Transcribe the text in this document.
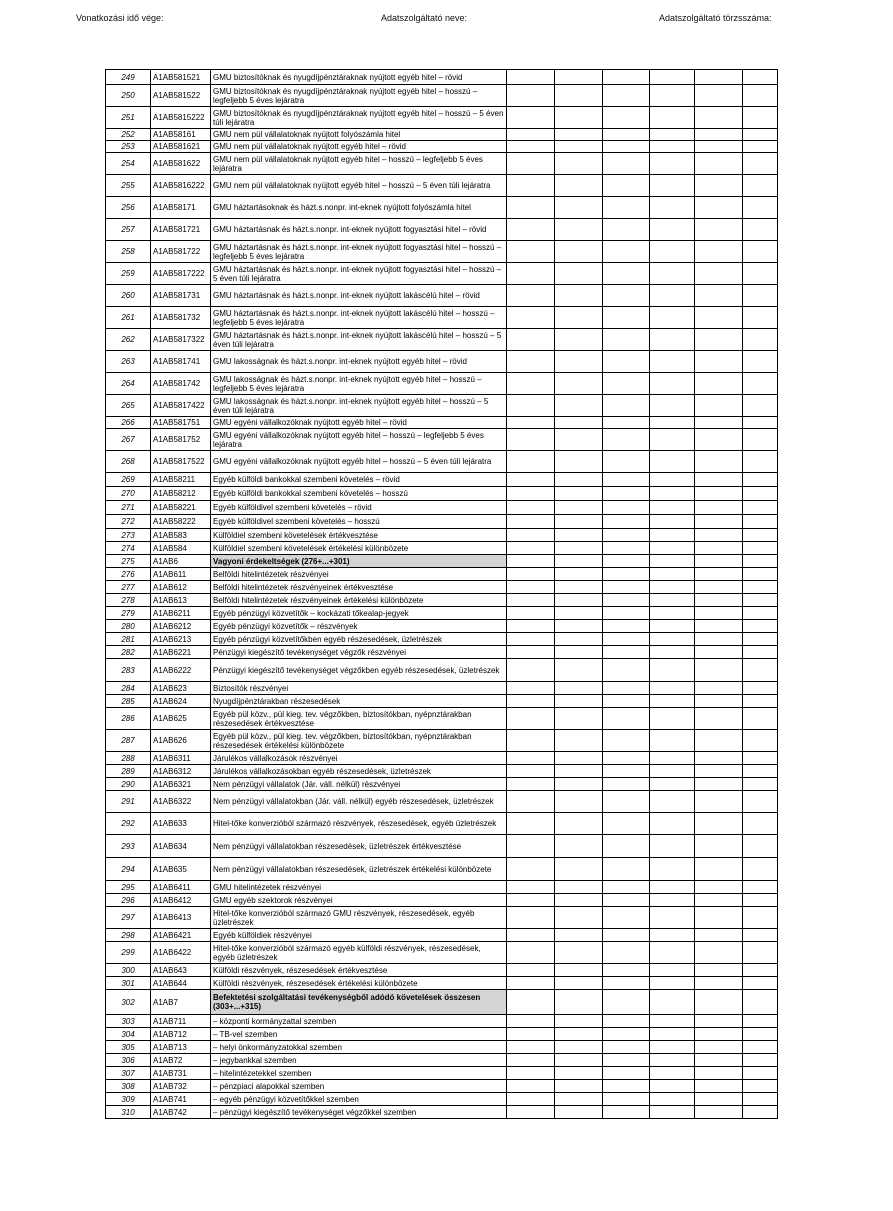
Vonatkozási idő vége:	Adatszolgáltató neve:	Adatszolgáltató törzsszáma:
249	A1AB581521	GMU biztosítóknak és nyugdíjpénztáraknak nyújtott egyéb hitel – rövid						
250	A1AB581522	GMU biztosítóknak és nyugdíjpénztáraknak nyújtott egyéb hitel – hosszú – legfeljebb 5 éves lejáratra						
251	A1AB5815222	GMU biztosítóknak és nyugdíjpénztáraknak nyújtott egyéb hitel – hosszú – 5 éven túli lejáratra						
252	A1AB58161	GMU nem pül vállalatoknak nyújtott folyószámla hitel						
253	A1AB581621	GMU nem pül vállalatoknak nyújtott egyéb hitel – rövid						
254	A1AB581622	GMU nem pül vállalatoknak nyújtott egyéb hitel – hosszú – legfeljebb 5 éves lejáratra						
255	A1AB5816222	GMU nem pül vállalatoknak nyújtott egyéb hitel – hosszú – 5 éven túli lejáratra						
256	A1AB58171	GMU háztartásoknak és házt.s.nonpr. int-eknek nyújtott folyószámla hitel						
257	A1AB581721	GMU háztartásnak és házt.s.nonpr. int-eknek nyújtott fogyasztási hitel – rövid						
258	A1AB581722	GMU háztartásnak és házt.s.nonpr. int-eknek nyújtott fogyasztási hitel – hosszú – legfeljebb 5 éves lejáratra						
259	A1AB5817222	GMU háztartásnak és házt.s.nonpr. int-eknek nyújtott fogyasztási hitel – hosszú – 5 éven túli lejáratra						
260	A1AB581731	GMU háztartásnak és házt.s.nonpr. int-eknek nyújtott lakáscélú hitel – rövid						
261	A1AB581732	GMU háztartásnak és házt.s.nonpr. int-eknek nyújtott lakáscélú hitel – hosszú – legfeljebb 5 éves lejáratra						
262	A1AB5817322	GMU háztartásnak és házt.s.nonpr. int-eknek nyújtott lakáscélú hitel – hosszú – 5 éven túli lejáratra						
263	A1AB581741	GMU lakosságnak és házt.s.nonpr. int-eknek nyújtott egyéb hitel – rövid						
264	A1AB581742	GMU lakosságnak és házt.s.nonpr. int-eknek nyújtott egyéb hitel – hosszú – legfeljebb 5 éves lejáratra						
265	A1AB5817422	GMU lakosságnak és házt.s.nonpr. int-eknek nyújtott egyéb hitel – hosszú – 5 éven túli lejáratra						
266	A1AB581751	GMU egyéni vállalkozóknak nyújtott egyéb hitel – rövid						
267	A1AB581752	GMU egyéni vállalkozóknak nyújtott egyéb hitel – hosszú – legfeljebb 5 éves lejáratra						
268	A1AB5817522	GMU egyéni vállalkozóknak nyújtott egyéb hitel – hosszú – 5 éven túli lejáratra						
269	A1AB58211	Egyéb külföldi bankokkal szembeni követelés – rövid						
270	A1AB58212	Egyéb külföldi bankokkal szembeni követelés – hosszú						
271	A1AB58221	Egyéb külföldivel szembeni követelés – rövid						
272	A1AB58222	Egyéb külföldivel szembeni követelés – hosszú						
273	A1AB583	Külföldiel szembeni követelések értékvesztése						
274	A1AB584	Külföldiel szembeni követelések értékelési különbözete						
275	A1AB6	Vagyoni érdekeltségek (276+...+301)						
276	A1AB611	Belföldi hitelintézetek részvényei						
277	A1AB612	Belföldi hitelintézetek részvényeinek értékvesztése						
278	A1AB613	Belföldi hitelintézetek részvényeinek értékelési különbözete						
279	A1AB6211	Egyéb pénzügyi közvetítők – kockázati tőkealap-jegyek						
280	A1AB6212	Egyéb pénzügyi közvetítők – részvények						
281	A1AB6213	Egyéb pénzügyi közvetítőkben egyéb részesedések, üzletrészek						
282	A1AB6221	Pénzügyi kiegészítő tevékenységet végzők részvényei						
283	A1AB6222	Pénzügyi kiegészítő tevékenységet végzőkben egyéb részesedések, üzletrészek						
284	A1AB623	Biztosítók részvényei						
285	A1AB624	Nyugdíjpénztárakban részesedések						
286	A1AB625	Egyéb pül közv., pül kieg. tev. végzőkben, biztosítókban, nyépnztárakban részesedések értékvesztése						
287	A1AB626	Egyéb pül közv., pül kieg. tev. végzőkben, biztosítókban, nyépnztárakban részesedések értékelési különbözete						
288	A1AB6311	Járulékos vállalkozások részvényei						
289	A1AB6312	Járulékos vállalkozásokban egyéb részesedések, üzletrészek						
290	A1AB6321	Nem pénzügyi vállalatok (Jár. váll. nélkül) részvényei						
291	A1AB6322	Nem pénzügyi vállalatokban (Jár. váll. nélkül) egyéb részesedések, üzletrészek						
292	A1AB633	Hitel-tőke konverzióból származó részvények, részesedések, egyéb üzletrészek						
293	A1AB634	Nem pénzügyi vállalatokban részesedések, üzletrészek értékvesztése						
294	A1AB635	Nem pénzügyi vállalatokban részesedések, üzletrészek értékelési különbözete						
295	A1AB6411	GMU hitelintézetek részvényei						
296	A1AB6412	GMU egyéb szektorok részvényei						
297	A1AB6413	Hitel-tőke konverzióból származó GMU részvények, részesedések, egyéb üzletrészek						
298	A1AB6421	Egyéb külföldiek részvényei						
299	A1AB6422	Hitel-tőke konverzióból származó egyéb külföldi részvények, részesedések, egyéb üzletrészek						
300	A1AB643	Külföldi részvények, részesedések értékvesztése						
301	A1AB644	Külföldi részvények, részesedések értékelési különbözete						
302	A1AB7	Befektetési szolgáltatási tevékenységből adódó követelések összesen (303+...+315)						
303	A1AB711	– központi kormányzattal szemben						
304	A1AB712	– TB-vel szemben						
305	A1AB713	– helyi önkormányzatokkal szemben						
306	A1AB72	– jegybankkal szemben						
307	A1AB731	– hitelintézetekkel szemben						
308	A1AB732	– pénzpiaci alapokkal szemben						
309	A1AB741	– egyéb pénzügyi közvetítőkkel szemben						
310	A1AB742	– pénzügyi kiegészítő tevékenységet végzőkkel szemben						
